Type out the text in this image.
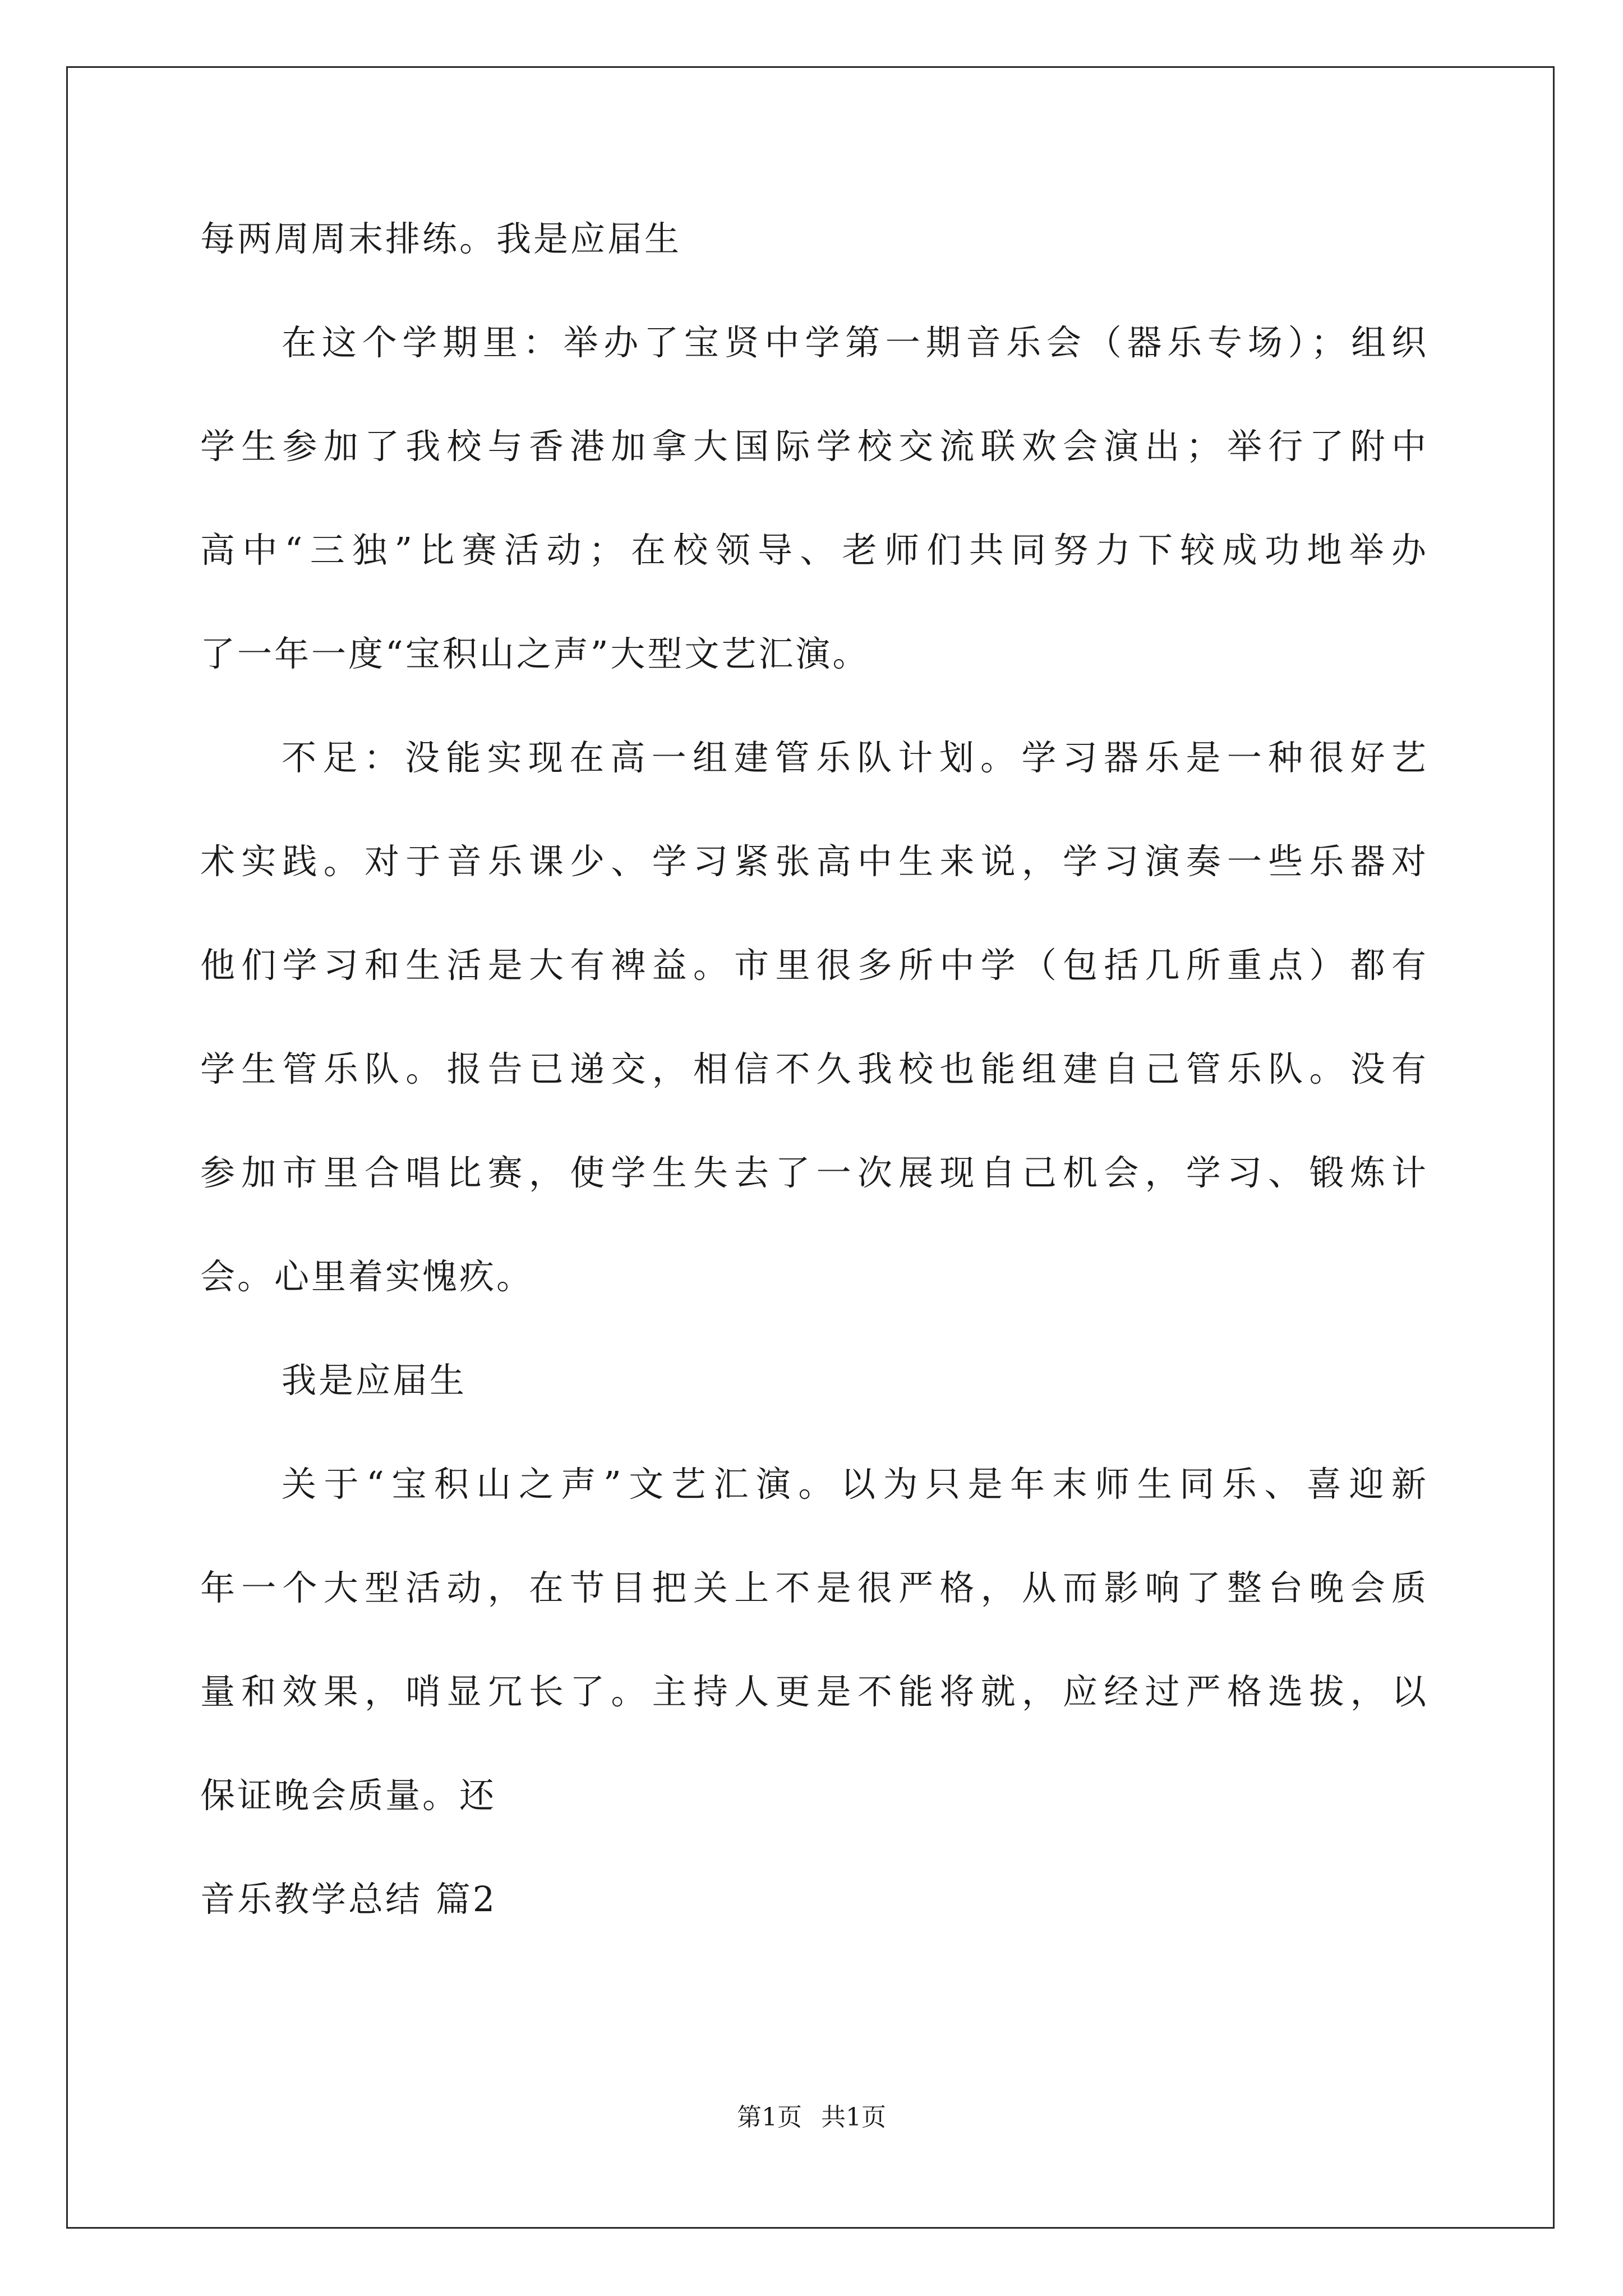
每两周周末排练。我是应届生
在这个学期里：举办了宝贤中学第一期音乐会（器乐专场）；组织
学生参加了我校与香港加拿大国际学校交流联欢会演出；举行了附中
高中“三独”比赛活动；在校领导、老师们共同努力下较成功地举办
了一年一度“宝积山之声”大型文艺汇演。
不足：没能实现在高一组建管乐队计划。学习器乐是一种很好艺
术实践。对于音乐课少、学习紧张高中生来说，学习演奏一些乐器对
他们学习和生活是大有裨益。市里很多所中学（包括几所重点）都有
学生管乐队。报告已递交，相信不久我校也能组建自己管乐队。没有
参加市里合唱比赛，使学生失去了一次展现自己机会，学习、锻炼计
会。心里着实愧疚。
我是应届生
关于“宝积山之声”文艺汇演。以为只是年末师生同乐、喜迎新
年一个大型活动，在节目把关上不是很严格，从而影响了整台晚会质
量和效果，哨显冗长了。主持人更是不能将就，应经过严格选拔，以
保证晚会质量。还
音乐教学总结 篇2
第1页 共1页
